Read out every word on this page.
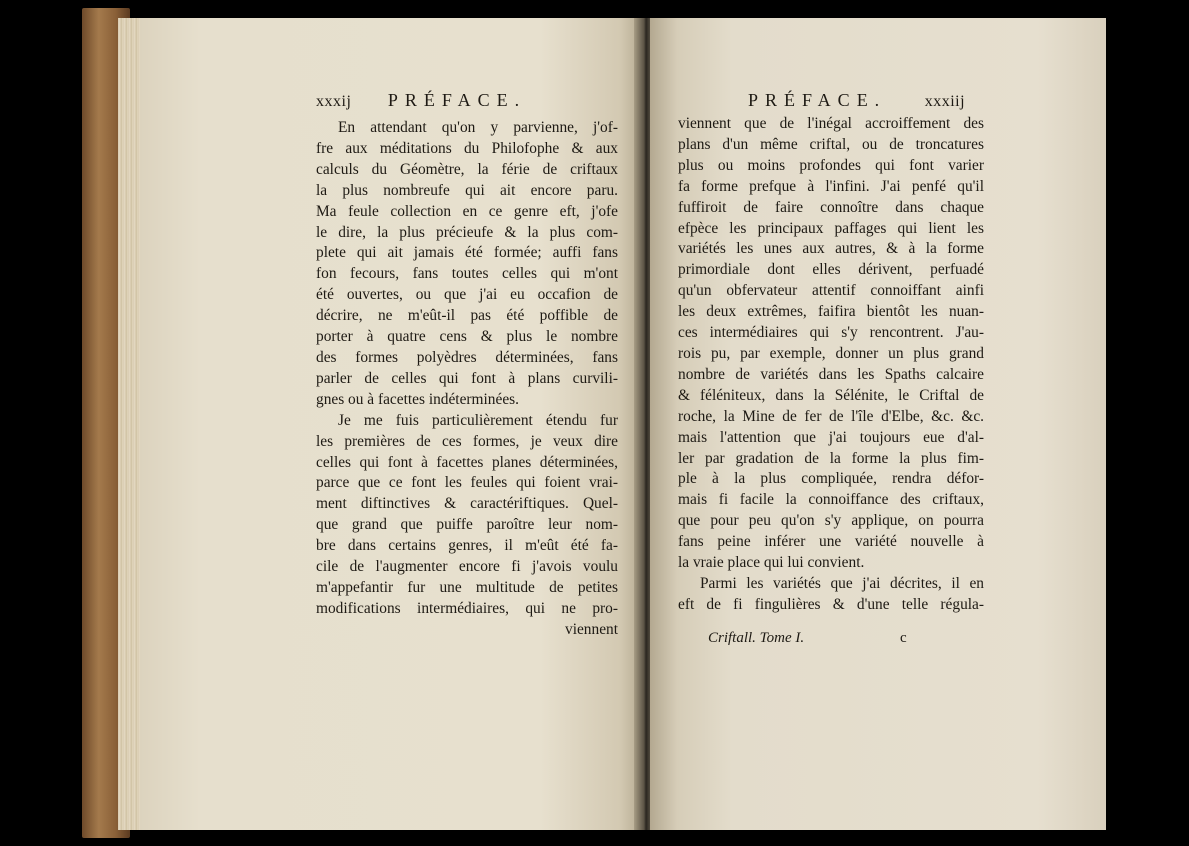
xxxij PRÉFACE.
En attendant qu'on y parvienne, j'of-
fre aux méditations du Philofophe & aux
calculs du Géomètre, la férie de criftaux
la plus nombreufe qui ait encore paru.
Ma feule collection en ce genre eft, j'ofe
le dire, la plus précieufe & la plus com-
plete qui ait jamais été formée; auffi fans
fon fecours, fans toutes celles qui m'ont
été ouvertes, ou que j'ai eu occafion de
décrire, ne m'eût-il pas été poffible de
porter à quatre cens & plus le nombre
des formes polyèdres déterminées, fans
parler de celles qui font à plans curvili-
gnes ou à facettes indéterminées.
Je me fuis particulièrement étendu fur
les premières de ces formes, je veux dire
celles qui font à facettes planes déterminées,
parce que ce font les feules qui foient vrai-
ment diftinctives & caractériftiques. Quel-
que grand que puiffe paroître leur nom-
bre dans certains genres, il m'eût été fa-
cile de l'augmenter encore fi j'avois voulu
m'appefantir fur une multitude de petites
modifications intermédiaires, qui ne pro-
viennent
PRÉFACE. xxxiij
viennent que de l'inégal accroiffement des
plans d'un même criftal, ou de troncatures
plus ou moins profondes qui font varier
fa forme prefque à l'infini. J'ai penfé qu'il
fuffiroit de faire connoître dans chaque
efpèce les principaux paffages qui lient les
variétés les unes aux autres, & à la forme
primordiale dont elles dérivent, perfuadé
qu'un obfervateur attentif connoiffant ainfi
les deux extrêmes, faifira bientôt les nuan-
ces intermédiaires qui s'y rencontrent. J'au-
rois pu, par exemple, donner un plus grand
nombre de variétés dans les Spaths calcaire
& féléniteux, dans la Sélénite, le Criftal de
roche, la Mine de fer de l'île d'Elbe, &c. &c.
mais l'attention que j'ai toujours eue d'al-
ler par gradation de la forme la plus fim-
ple à la plus compliquée, rendra défor-
mais fi facile la connoiffance des criftaux,
que pour peu qu'on s'y applique, on pourra
fans peine inférer une variété nouvelle à
la vraie place qui lui convient.
Parmi les variétés que j'ai décrites, il en
eft de fi fingulières & d'une telle régula-
Criftall. Tome I.	c
